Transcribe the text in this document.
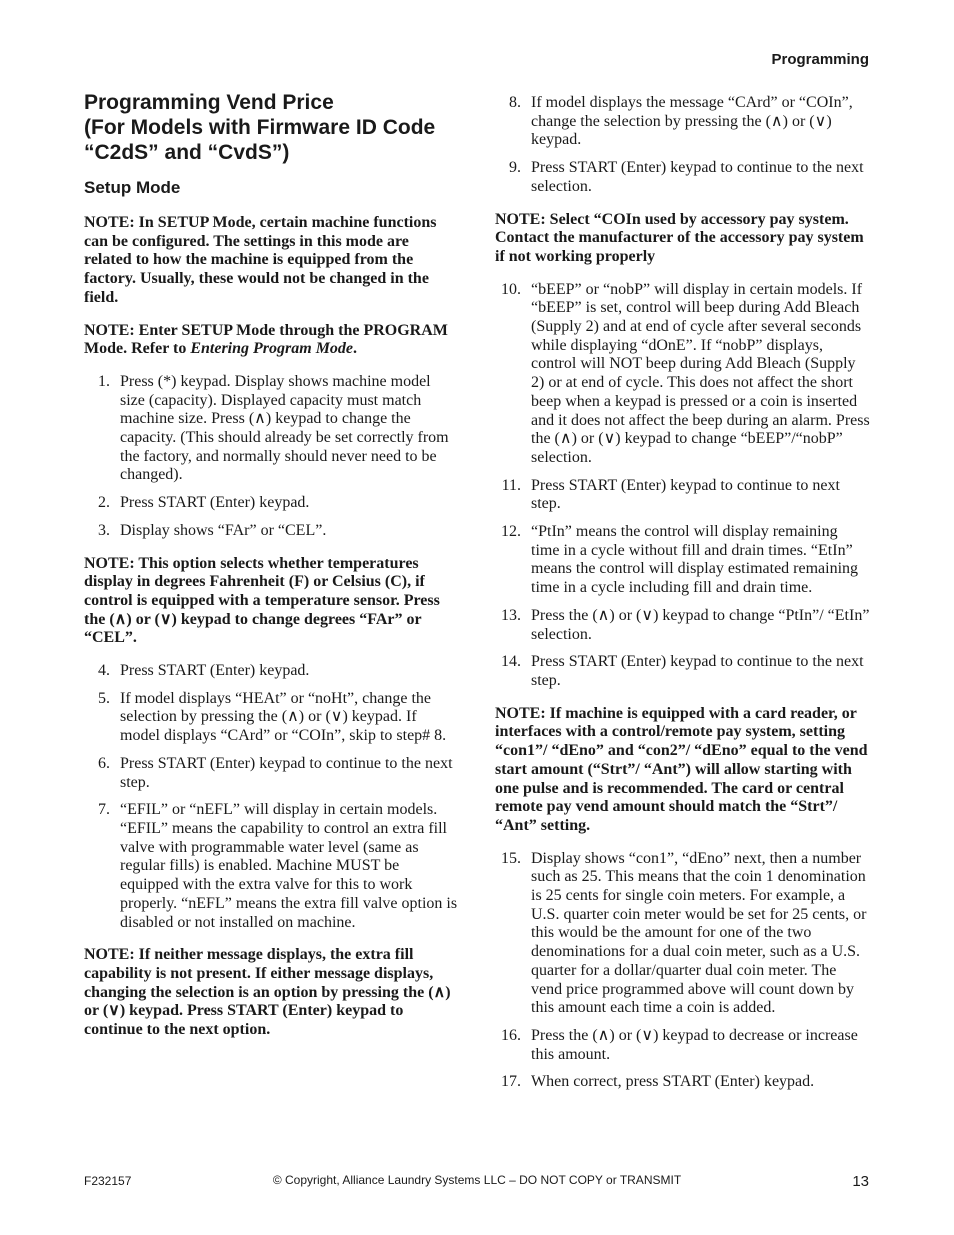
Programming
Programming Vend Price
(For Models with Firmware ID Code
“C2dS” and “CvdS”)
Setup Mode

NOTE: In SETUP Mode, certain machine functions can be configured. The settings in this mode are related to how the machine is equipped from the factory. Usually, these would not be changed in the field.

NOTE: Enter SETUP Mode through the PROGRAM Mode. Refer to Entering Program Mode.

1. Press (*) keypad. Display shows machine model size (capacity). Displayed capacity must match machine size. Press (∧) keypad to change the capacity. (This should already be set correctly from the factory, and normally should never need to be changed).
2. Press START (Enter) keypad.
3. Display shows “FAr” or “CEL”.

NOTE: This option selects whether temperatures display in degrees Fahrenheit (F) or Celsius (C), if control is equipped with a temperature sensor. Press the (∧) or (∨) keypad to change degrees “FAr” or “CEL”.

4. Press START (Enter) keypad.
5. If model displays “HEAt” or “noHt”, change the selection by pressing the (∧) or (∨) keypad. If model displays “CArd” or “COIn”, skip to step# 8.
6. Press START (Enter) keypad to continue to the next step.
7. “EFIL” or “nEFL” will display in certain models. “EFIL” means the capability to control an extra fill valve with programmable water level (same as regular fills) is enabled. Machine MUST be equipped with the extra valve for this to work properly. “nEFL” means the extra fill valve option is disabled or not installed on machine.

NOTE: If neither message displays, the extra fill capability is not present. If either message displays, changing the selection is an option by pressing the (∧) or (∨) keypad. Press START (Enter) keypad to continue to the next option.

8. If model displays the message “CArd” or “COIn”, change the selection by pressing the (∧) or (∨) keypad.
9. Press START (Enter) keypad to continue to the next selection.

NOTE: Select “COIn used by accessory pay system. Contact the manufacturer of the accessory pay system if not working properly

10. “bEEP” or “nobP” will display in certain models. If “bEEP” is set, control will beep during Add Bleach (Supply 2) and at end of cycle after several seconds while displaying “dOnE”. If “nobP” displays, control will NOT beep during Add Bleach (Supply 2) or at end of cycle. This does not affect the short beep when a keypad is pressed or a coin is inserted and it does not affect the beep during an alarm. Press the (∧) or (∨) keypad to change “bEEP”/“nobP” selection.
11. Press START (Enter) keypad to continue to next step.
12. “PtIn” means the control will display remaining time in a cycle without fill and drain times. “EtIn” means the control will display estimated remaining time in a cycle including fill and drain time.
13. Press the (∧) or (∨) keypad to change “PtIn”/ “EtIn” selection.
14. Press START (Enter) keypad to continue to the next step.

NOTE: If machine is equipped with a card reader, or interfaces with a control/remote pay system, setting “con1”/ “dEno” and “con2”/ “dEno” equal to the vend start amount (“Strt”/ “Ant”) will allow starting with one pulse and is recommended. The card or central remote pay vend amount should match the “Strt”/ “Ant” setting.

15. Display shows “con1”, “dEno” next, then a number such as 25. This means that the coin 1 denomination is 25 cents for single coin meters. For example, a U.S. quarter coin meter would be set for 25 cents, or this would be the amount for one of the two denominations for a dual coin meter, such as a U.S. quarter for a dollar/quarter dual coin meter. The vend price programmed above will count down by this amount each time a coin is added.
16. Press the (∧) or (∨) keypad to decrease or increase this amount.
17. When correct, press START (Enter) keypad.
F232157	© Copyright, Alliance Laundry Systems LLC – DO NOT COPY or TRANSMIT	13
